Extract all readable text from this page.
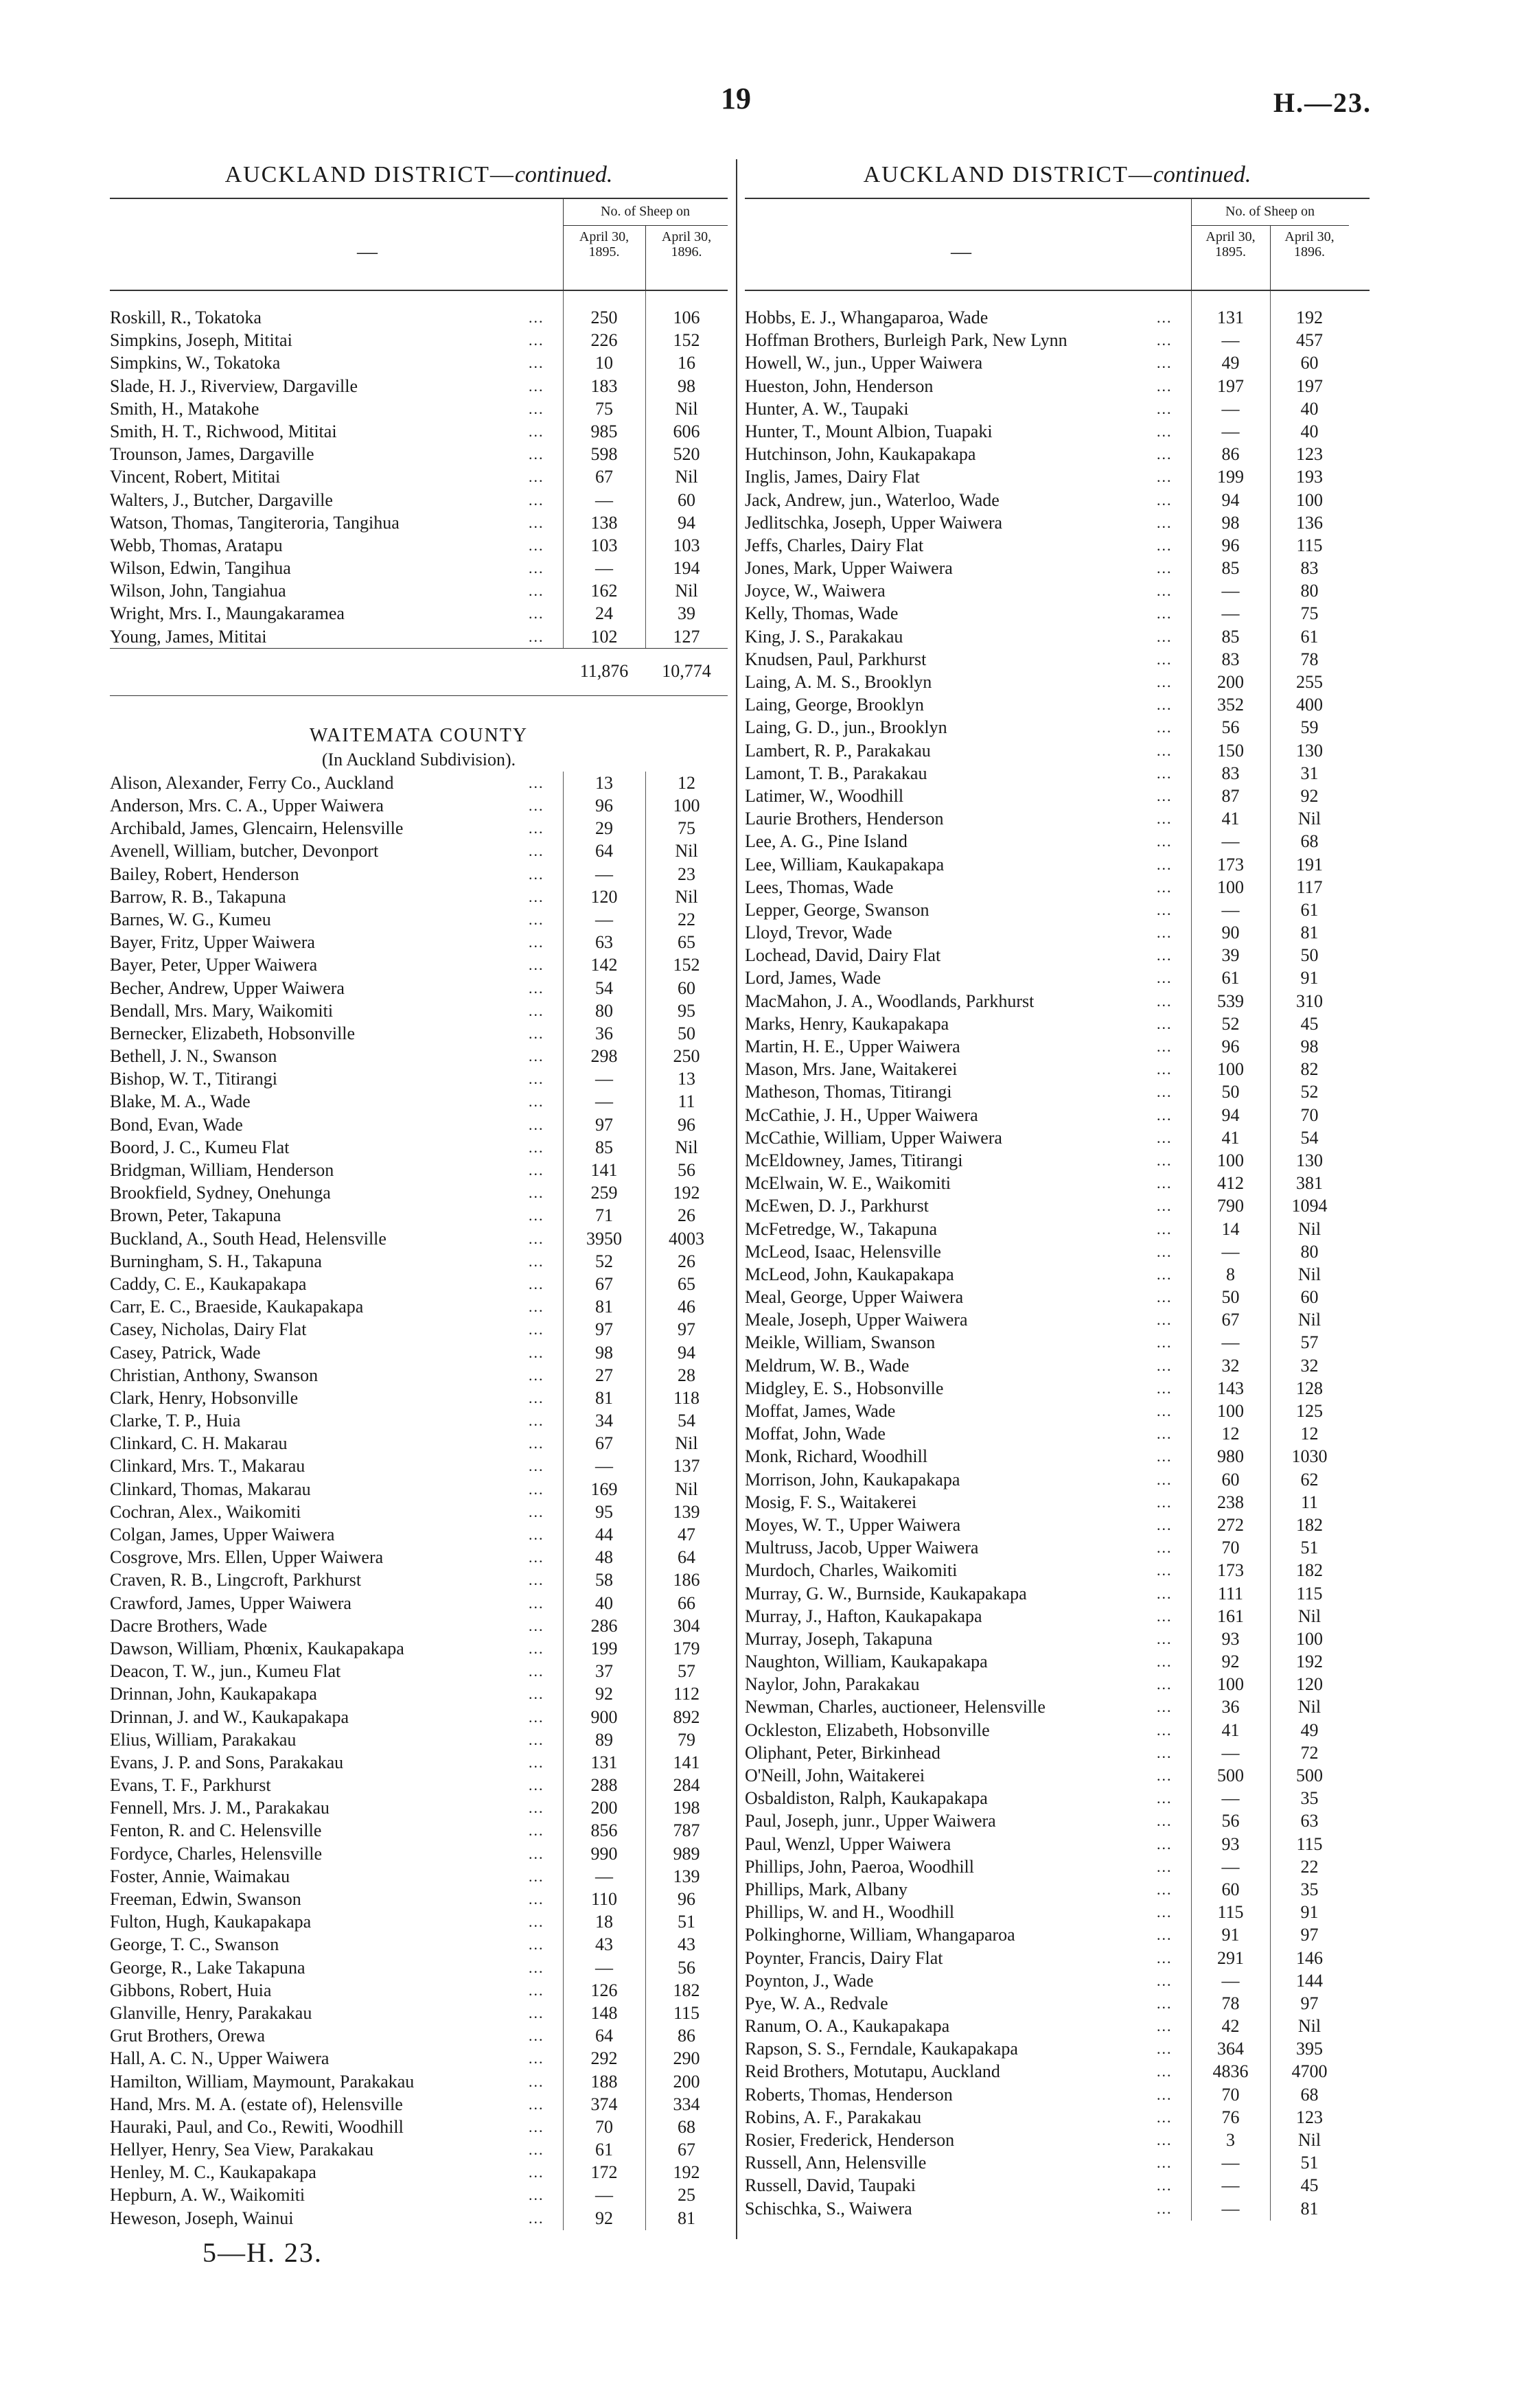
19	H.—23.
AUCKLAND DISTRICT—continued.
—
No. of Sheep on
April 30,
1895.
April 30,
1896.
Roskill, R., Tokatoka	...	250	106
Simpkins, Joseph, Mititai	...	226	152
Simpkins, W., Tokatoka	...	10	16
Slade, H. J., Riverview, Dargaville	...	183	98
Smith, H., Matakohe	...	75	Nil
Smith, H. T., Richwood, Mititai	...	985	606
Trounson, James, Dargaville	...	598	520
Vincent, Robert, Mititai	...	67	Nil
Walters, J., Butcher, Dargaville	...	—	60
Watson, Thomas, Tangiteroria, Tangihua	...	138	94
Webb, Thomas, Aratapu	...	103	103
Wilson, Edwin, Tangihua	...	—	194
Wilson, John, Tangiahua	...	162	Nil
Wright, Mrs. I., Maungakaramea	...	24	39
Young, James, Mititai	...	102	127
11,876	10,774
WAITEMATA COUNTY
(In Auckland Subdivision).
Alison, Alexander, Ferry Co., Auckland	...	13	12
Anderson, Mrs. C. A., Upper Waiwera	...	96	100
Archibald, James, Glencairn, Helensville	...	29	75
Avenell, William, butcher, Devonport	...	64	Nil
Bailey, Robert, Henderson	...	—	23
Barrow, R. B., Takapuna	...	120	Nil
Barnes, W. G., Kumeu	...	—	22
Bayer, Fritz, Upper Waiwera	...	63	65
Bayer, Peter, Upper Waiwera	...	142	152
Becher, Andrew, Upper Waiwera	...	54	60
Bendall, Mrs. Mary, Waikomiti	...	80	95
Bernecker, Elizabeth, Hobsonville	...	36	50
Bethell, J. N., Swanson	...	298	250
Bishop, W. T., Titirangi	...	—	13
Blake, M. A., Wade	...	—	11
Bond, Evan, Wade	...	97	96
Boord, J. C., Kumeu Flat	...	85	Nil
Bridgman, William, Henderson	...	141	56
Brookfield, Sydney, Onehunga	...	259	192
Brown, Peter, Takapuna	...	71	26
Buckland, A., South Head, Helensville	...	3950	4003
Burningham, S. H., Takapuna	...	52	26
Caddy, C. E., Kaukapakapa	...	67	65
Carr, E. C., Braeside, Kaukapakapa	...	81	46
Casey, Nicholas, Dairy Flat	...	97	97
Casey, Patrick, Wade	...	98	94
Christian, Anthony, Swanson	...	27	28
Clark, Henry, Hobsonville	...	81	118
Clarke, T. P., Huia	...	34	54
Clinkard, C. H. Makarau	...	67	Nil
Clinkard, Mrs. T., Makarau	...	—	137
Clinkard, Thomas, Makarau	...	169	Nil
Cochran, Alex., Waikomiti	...	95	139
Colgan, James, Upper Waiwera	...	44	47
Cosgrove, Mrs. Ellen, Upper Waiwera	...	48	64
Craven, R. B., Lingcroft, Parkhurst	...	58	186
Crawford, James, Upper Waiwera	...	40	66
Dacre Brothers, Wade	...	286	304
Dawson, William, Phœnix, Kaukapakapa	...	199	179
Deacon, T. W., jun., Kumeu Flat	...	37	57
Drinnan, John, Kaukapakapa	...	92	112
Drinnan, J. and W., Kaukapakapa	...	900	892
Elius, William, Parakakau	...	89	79
Evans, J. P. and Sons, Parakakau	...	131	141
Evans, T. F., Parkhurst	...	288	284
Fennell, Mrs. J. M., Parakakau	...	200	198
Fenton, R. and C. Helensville	...	856	787
Fordyce, Charles, Helensville	...	990	989
Foster, Annie, Waimakau	...	—	139
Freeman, Edwin, Swanson	...	110	96
Fulton, Hugh, Kaukapakapa	...	18	51
George, T. C., Swanson	...	43	43
George, R., Lake Takapuna	...	—	56
Gibbons, Robert, Huia	...	126	182
Glanville, Henry, Parakakau	...	148	115
Grut Brothers, Orewa	...	64	86
Hall, A. C. N., Upper Waiwera	...	292	290
Hamilton, William, Maymount, Parakakau	...	188	200
Hand, Mrs. M. A. (estate of), Helensville	...	374	334
Hauraki, Paul, and Co., Rewiti, Woodhill	...	70	68
Hellyer, Henry, Sea View, Parakakau	...	61	67
Henley, M. C., Kaukapakapa	...	172	192
Hepburn, A. W., Waikomiti	...	—	25
Heweson, Joseph, Wainui	...	92	81
AUCKLAND DISTRICT—continued.
—
No. of Sheep on
April 30,
1895.
April 30,
1896.
Hobbs, E. J., Whangaparoa, Wade	...	131	192
Hoffman Brothers, Burleigh Park, New Lynn	...	—	457
Howell, W., jun., Upper Waiwera	...	49	60
Hueston, John, Henderson	...	197	197
Hunter, A. W., Taupaki	...	—	40
Hunter, T., Mount Albion, Tuapaki	...	—	40
Hutchinson, John, Kaukapakapa	...	86	123
Inglis, James, Dairy Flat	...	199	193
Jack, Andrew, jun., Waterloo, Wade	...	94	100
Jedlitschka, Joseph, Upper Waiwera	...	98	136
Jeffs, Charles, Dairy Flat	...	96	115
Jones, Mark, Upper Waiwera	...	85	83
Joyce, W., Waiwera	...	—	80
Kelly, Thomas, Wade	...	—	75
King, J. S., Parakakau	...	85	61
Knudsen, Paul, Parkhurst	...	83	78
Laing, A. M. S., Brooklyn	...	200	255
Laing, George, Brooklyn	...	352	400
Laing, G. D., jun., Brooklyn	...	56	59
Lambert, R. P., Parakakau	...	150	130
Lamont, T. B., Parakakau	...	83	31
Latimer, W., Woodhill	...	87	92
Laurie Brothers, Henderson	...	41	Nil
Lee, A. G., Pine Island	...	—	68
Lee, William, Kaukapakapa	...	173	191
Lees, Thomas, Wade	...	100	117
Lepper, George, Swanson	...	—	61
Lloyd, Trevor, Wade	...	90	81
Lochead, David, Dairy Flat	...	39	50
Lord, James, Wade	...	61	91
MacMahon, J. A., Woodlands, Parkhurst	...	539	310
Marks, Henry, Kaukapakapa	...	52	45
Martin, H. E., Upper Waiwera	...	96	98
Mason, Mrs. Jane, Waitakerei	...	100	82
Matheson, Thomas, Titirangi	...	50	52
McCathie, J. H., Upper Waiwera	...	94	70
McCathie, William, Upper Waiwera	...	41	54
McEldowney, James, Titirangi	...	100	130
McElwain, W. E., Waikomiti	...	412	381
McEwen, D. J., Parkhurst	...	790	1094
McFetredge, W., Takapuna	...	14	Nil
McLeod, Isaac, Helensville	...	—	80
McLeod, John, Kaukapakapa	...	8	Nil
Meal, George, Upper Waiwera	...	50	60
Meale, Joseph, Upper Waiwera	...	67	Nil
Meikle, William, Swanson	...	—	57
Meldrum, W. B., Wade	...	32	32
Midgley, E. S., Hobsonville	...	143	128
Moffat, James, Wade	...	100	125
Moffat, John, Wade	...	12	12
Monk, Richard, Woodhill	...	980	1030
Morrison, John, Kaukapakapa	...	60	62
Mosig, F. S., Waitakerei	...	238	11
Moyes, W. T., Upper Waiwera	...	272	182
Multruss, Jacob, Upper Waiwera	...	70	51
Murdoch, Charles, Waikomiti	...	173	182
Murray, G. W., Burnside, Kaukapakapa	...	111	115
Murray, J., Hafton, Kaukapakapa	...	161	Nil
Murray, Joseph, Takapuna	...	93	100
Naughton, William, Kaukapakapa	...	92	192
Naylor, John, Parakakau	...	100	120
Newman, Charles, auctioneer, Helensville	...	36	Nil
Ockleston, Elizabeth, Hobsonville	...	41	49
Oliphant, Peter, Birkinhead	...	—	72
O'Neill, John, Waitakerei	...	500	500
Osbaldiston, Ralph, Kaukapakapa	...	—	35
Paul, Joseph, junr., Upper Waiwera	...	56	63
Paul, Wenzl, Upper Waiwera	...	93	115
Phillips, John, Paeroa, Woodhill	...	—	22
Phillips, Mark, Albany	...	60	35
Phillips, W. and H., Woodhill	...	115	91
Polkinghorne, William, Whangaparoa	...	91	97
Poynter, Francis, Dairy Flat	...	291	146
Poynton, J., Wade	...	—	144
Pye, W. A., Redvale	...	78	97
Ranum, O. A., Kaukapakapa	...	42	Nil
Rapson, S. S., Ferndale, Kaukapakapa	...	364	395
Reid Brothers, Motutapu, Auckland	...	4836	4700
Roberts, Thomas, Henderson	...	70	68
Robins, A. F., Parakakau	...	76	123
Rosier, Frederick, Henderson	...	3	Nil
Russell, Ann, Helensville	...	—	51
Russell, David, Taupaki	...	—	45
Schischka, S., Waiwera	...	—	81
5—H. 23.
